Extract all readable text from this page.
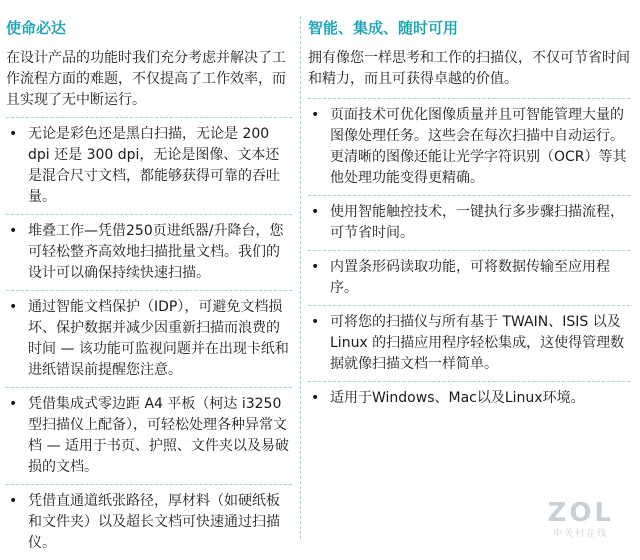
使命必达

在设计产品的功能时我们充分考虑并解决了工作流程方面的难题，不仅提高了工作效率，而且实现了无中断运行。

• 无论是彩色还是黑白扫描，无论是 200 dpi 还是 300 dpi，无论是图像、文本还是混合尺寸文档，都能够获得可靠的吞吐量。
• 堆叠工作—凭借250页进纸器/升降台，您可轻松整齐高效地扫描批量文档。我们的设计可以确保持续快速扫描。
• 通过智能文档保护（IDP），可避免文档损坏、保护数据并减少因重新扫描而浪费的时间 — 该功能可监视问题并在出现卡纸和进纸错误前提醒您注意。
• 凭借集成式零边距 A4 平板（柯达 i3250 型扫描仪上配备），可轻松处理各种异常文档 — 适用于书页、护照、文件夹以及易破损的文档。
• 凭借直通道纸张路径，厚材料（如硬纸板和文件夹）以及超长文档可快速通过扫描仪。
智能、集成、随时可用

拥有像您一样思考和工作的扫描仪，不仅可节省时间和精力，而且可获得卓越的价值。

• 页面技术可优化图像质量并且可智能管理大量的图像处理任务。这些会在每次扫描中自动运行。更清晰的图像还能让光学字符识别（OCR）等其他处理功能变得更精确。
• 使用智能触控技术，一键执行多步骤扫描流程，可节省时间。
• 内置条形码读取功能，可将数据传输至应用程序。
• 可将您的扫描仪与所有基于 TWAIN、ISIS 以及 Linux 的扫描应用程序轻松集成，这使得管理数据就像扫描文档一样简单。
• 适用于Windows、Mac以及Linux环境。
ZOL
中关村在线
